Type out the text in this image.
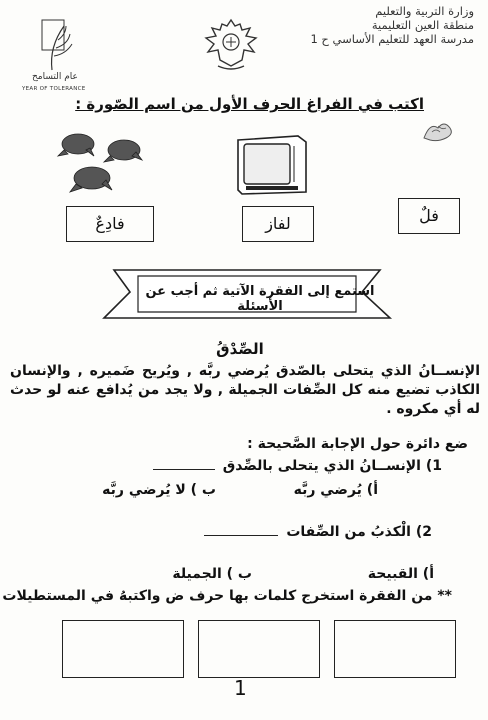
وزارة التربية والتعليم
منطقة العين التعليمية
مدرسة العهد للتعليم الأساسي ح 1
عام التسامح
YEAR OF TOLERANCE
اكتب في الفراغ الحرف الأول من اسم الصّورة :
فلٌ
لفاز
فادِعٌ
استمع إلى الفقرة الآتية ثم أجب عن الأسئلة
الصِّدْقُ
الإنســانُ الذي يتحلى بالصّدق يُرضي ربَّه , ويُريح ضَميره , والإنسان الكاذب تضيع منه كل الصِّفات الجميلة , ولا يجد من يُدافع عنه لو حدث له أي مكروه .
ضع دائرة حول الإجابة الصَّحيحة :
1) الإنســانُ الذي يتحلى بالصِّدق
أ) يُرضي ربَّه
ب ) لا يُرضي ربَّه
2) الْكذبُ من الصِّفات
أ) القبيحة
ب ) الجميلة
** من الفقرة استخرج كلمات بها حرف ض واكتبهُ في المستطيلات
1
